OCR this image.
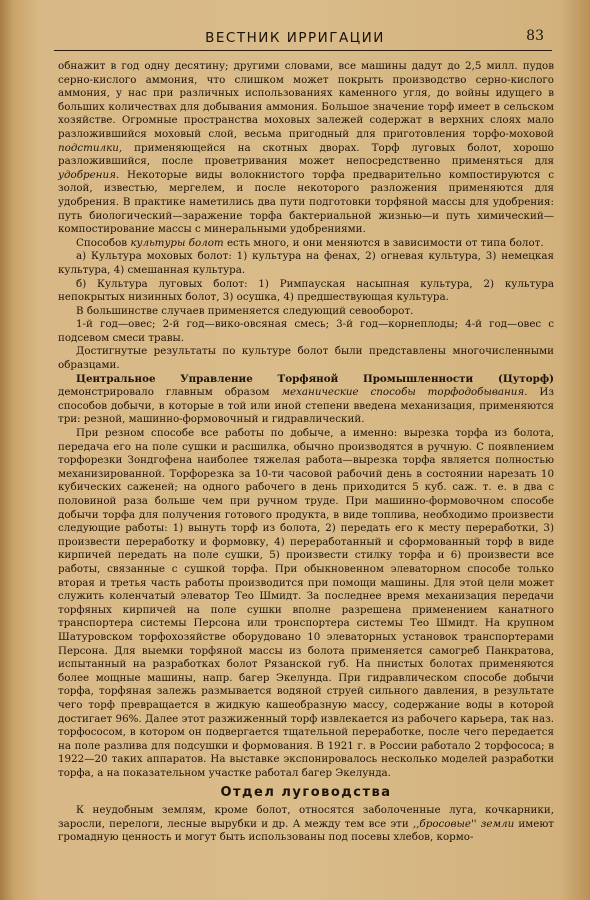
ВЕСТНИК ИРРИГАЦИИ	83

обнажит в год одну десятину; другими словами, все машины дадут до 2,5 милл. пудов серно-кислого аммония, что слишком может покрыть производство серно-кислого аммония, у нас при различных использованиях каменного угля, до войны идущего в больших количествах для добывания аммония. Большое значение торф имеет в сельском хозяйстве. Огромные пространства моховых залежей содержат в верхних слоях мало разложившийся моховый слой, весьма пригодный для приготовления торфо-моховой подстилки, применяющейся на скотных дворах. Торф луговых болот, хорошо разложившийся, после проветривания может непосредственно применяться для удобрения. Некоторые виды волокнистого торфа предварительно компостируются с золой, известью, мергелем, и после некоторого разложения применяются для удобрения. В практике наметились два пути подготовки торфяной массы для удобрения: путь биологический—заражение торфа бактериальной жизнью—и путь химический—компостирование массы с минеральными удобрениями.

Способов культуры болот есть много, и они меняются в зависимости от типа болот.

а) Культура моховых болот: 1) культура на фенах, 2) огневая культура, 3) немецкая культура, 4) смешанная культура.

б) Культура луговых болот: 1) Римпауская насыпная культура, 2) культура непокрытых низинных болот, 3) осушка, 4) предшествующая культура.

В большинстве случаев применяется следующий севооборот.

1-й год—овес; 2-й год—вико-овсяная смесь; 3-й год—корнеплоды; 4-й год—овес с подсевом смеси травы.

Достигнутые результаты по культуре болот были представлены многочисленными образцами.

Центральное Управление Торфяной Промышленности (Цуторф) демонстрировало главным образом механические способы торфодобывания. Из способов добычи, в которые в той или иной степени введена механизация, применяются три: резной, машинно-формовочный и гидравлический.

При резном способе все работы по добыче, а именно: вырезка торфа из болота, передача его на поле сушки и расшилка, обычно производятся в ручную. С появлением торфорезки Зондгофена наиболее тяжелая работа—вырезка торфа является полностью механизированной. Торфорезка за 10-ти часовой рабочий день в состоянии нарезать 10 кубических саженей; на одного рабочего в день приходится 5 куб. саж. т. е. в два с половиной раза больше чем при ручном труде. При машинно-формовочном способе добычи торфа для получения готового продукта, в виде топлива, необходимо произвести следующие работы: 1) вынуть торф из болота, 2) передать его к месту переработки, 3) произвести переработку и формовку, 4) переработанный и сформованный торф в виде кирпичей передать на поле сушки, 5) произвести стилку торфа и 6) произвести все работы, связанные с сушкой торфа. При обыкновенном элеваторном способе только вторая и третья часть работы производится при помощи машины. Для этой цели может служить коленчатый элеватор Тео Шмидт. За последнее время механизация передачи торфяных кирпичей на поле сушки вполне разрешена применением канатного транспортера системы Персона или тронспортера системы Тео Шмидт. На крупном Шатуровском торфохозяйстве оборудовано 10 элеваторных установок транспортерами Персона. Для выемки торфяной массы из болота применяется самогреб Панкратова, испытанный на разработках болот Рязанской губ. На пнистых болотах применяются более мощные машины, напр. багер Экелунда. При гидравлическом способе добычи торфа, торфяная залежь размывается водяной струей сильного давления, в результате чего торф превращается в жидкую кашеобразную массу, содержание воды в которой достигает 96%. Далее этот разжиженный торф извлекается из рабочего карьера, так наз. торфососом, в котором он подвергается тщательной переработке, после чего передается на поле разлива для подсушки и формования. В 1921 г. в России работало 2 торфососа; в 1922—20 таких аппаратов. На выставке экспонировалось несколько моделей разработки торфа, а на показательном участке работал багер Экелунда.

Отдел луговодства

К неудобным землям, кроме болот, относятся заболоченные луга, кочкарники, заросли, перелоги, лесные вырубки и др. А между тем все эти ,,бросовые'' земли имеют громадную ценность и могут быть использованы под посевы хлебов, кормо-
